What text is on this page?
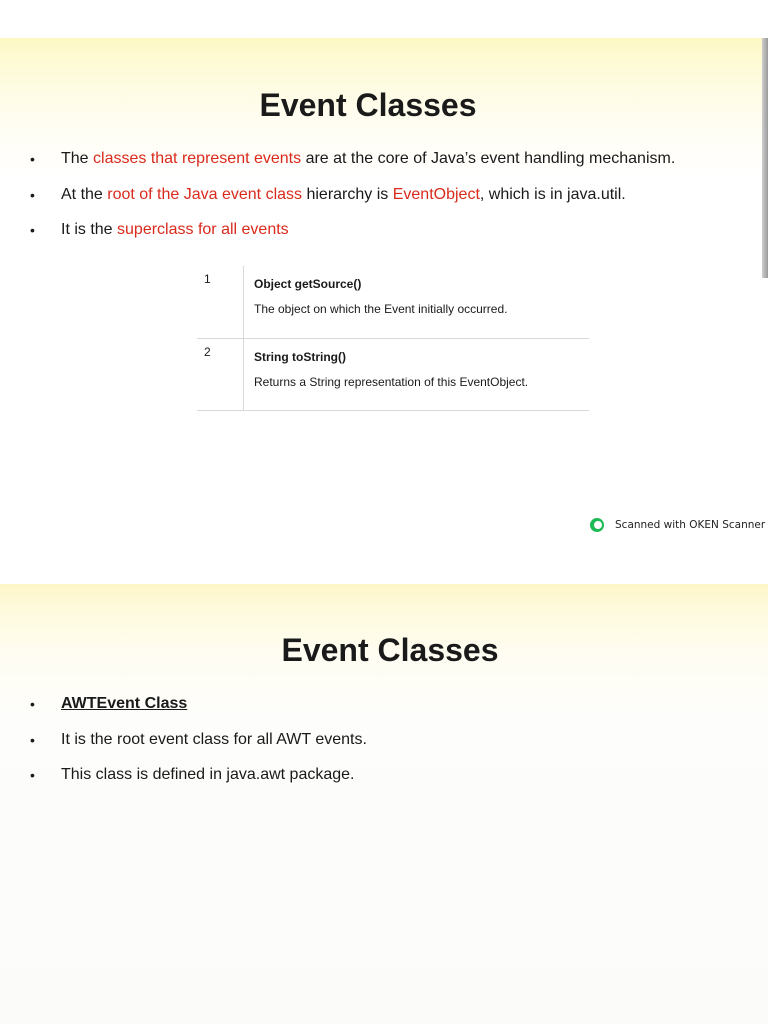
Event Classes
• The classes that represent events are at the core of Java’s event handling mechanism.
• At the root of the Java event class hierarchy is EventObject, which is in java.util.
• It is the superclass for all events
1	Object getSource()
The object on which the Event initially occurred.

2	String toString()
Returns a String representation of this EventObject.
Scanned with OKEN Scanner
Event Classes
• AWTEvent Class
• It is the root event class for all AWT events.
• This class is defined in java.awt package.
